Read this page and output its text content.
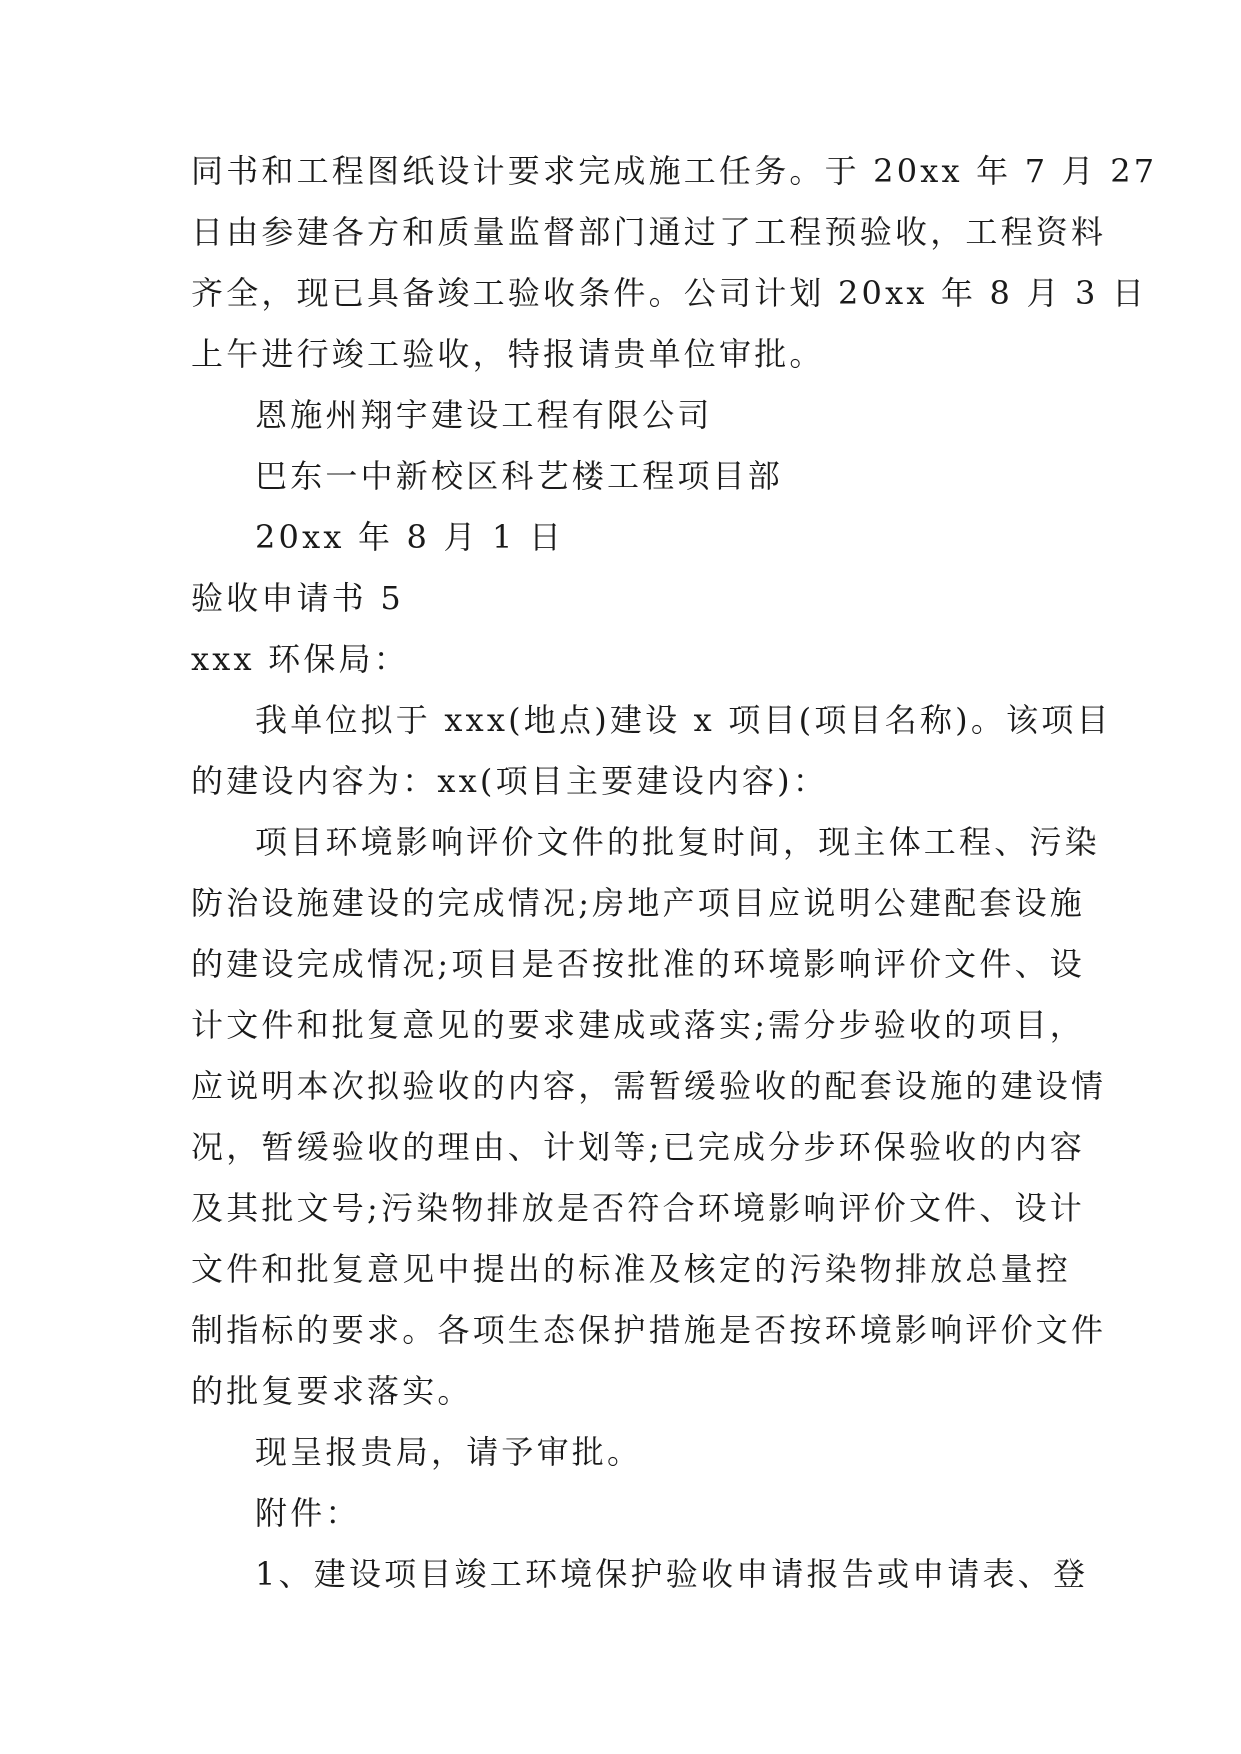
同书和工程图纸设计要求完成施工任务。于 20xx 年 7 月 27
日由参建各方和质量监督部门通过了工程预验收，工程资料
齐全，现已具备竣工验收条件。公司计划 20xx 年 8 月 3 日
上午进行竣工验收，特报请贵单位审批。
恩施州翔宇建设工程有限公司
巴东一中新校区科艺楼工程项目部
20xx 年 8 月 1 日
验收申请书 5
xxx 环保局：
我单位拟于 xxx(地点)建设 x 项目(项目名称)。该项目
的建设内容为：xx(项目主要建设内容)：
项目环境影响评价文件的批复时间，现主体工程、污染
防治设施建设的完成情况;房地产项目应说明公建配套设施
的建设完成情况;项目是否按批准的环境影响评价文件、设
计文件和批复意见的要求建成或落实;需分步验收的项目，
应说明本次拟验收的内容，需暂缓验收的配套设施的建设情
况，暂缓验收的理由、计划等;已完成分步环保验收的内容
及其批文号;污染物排放是否符合环境影响评价文件、设计
文件和批复意见中提出的标准及核定的污染物排放总量控
制指标的要求。各项生态保护措施是否按环境影响评价文件
的批复要求落实。
现呈报贵局，请予审批。
附件：
1、建设项目竣工环境保护验收申请报告或申请表、登
